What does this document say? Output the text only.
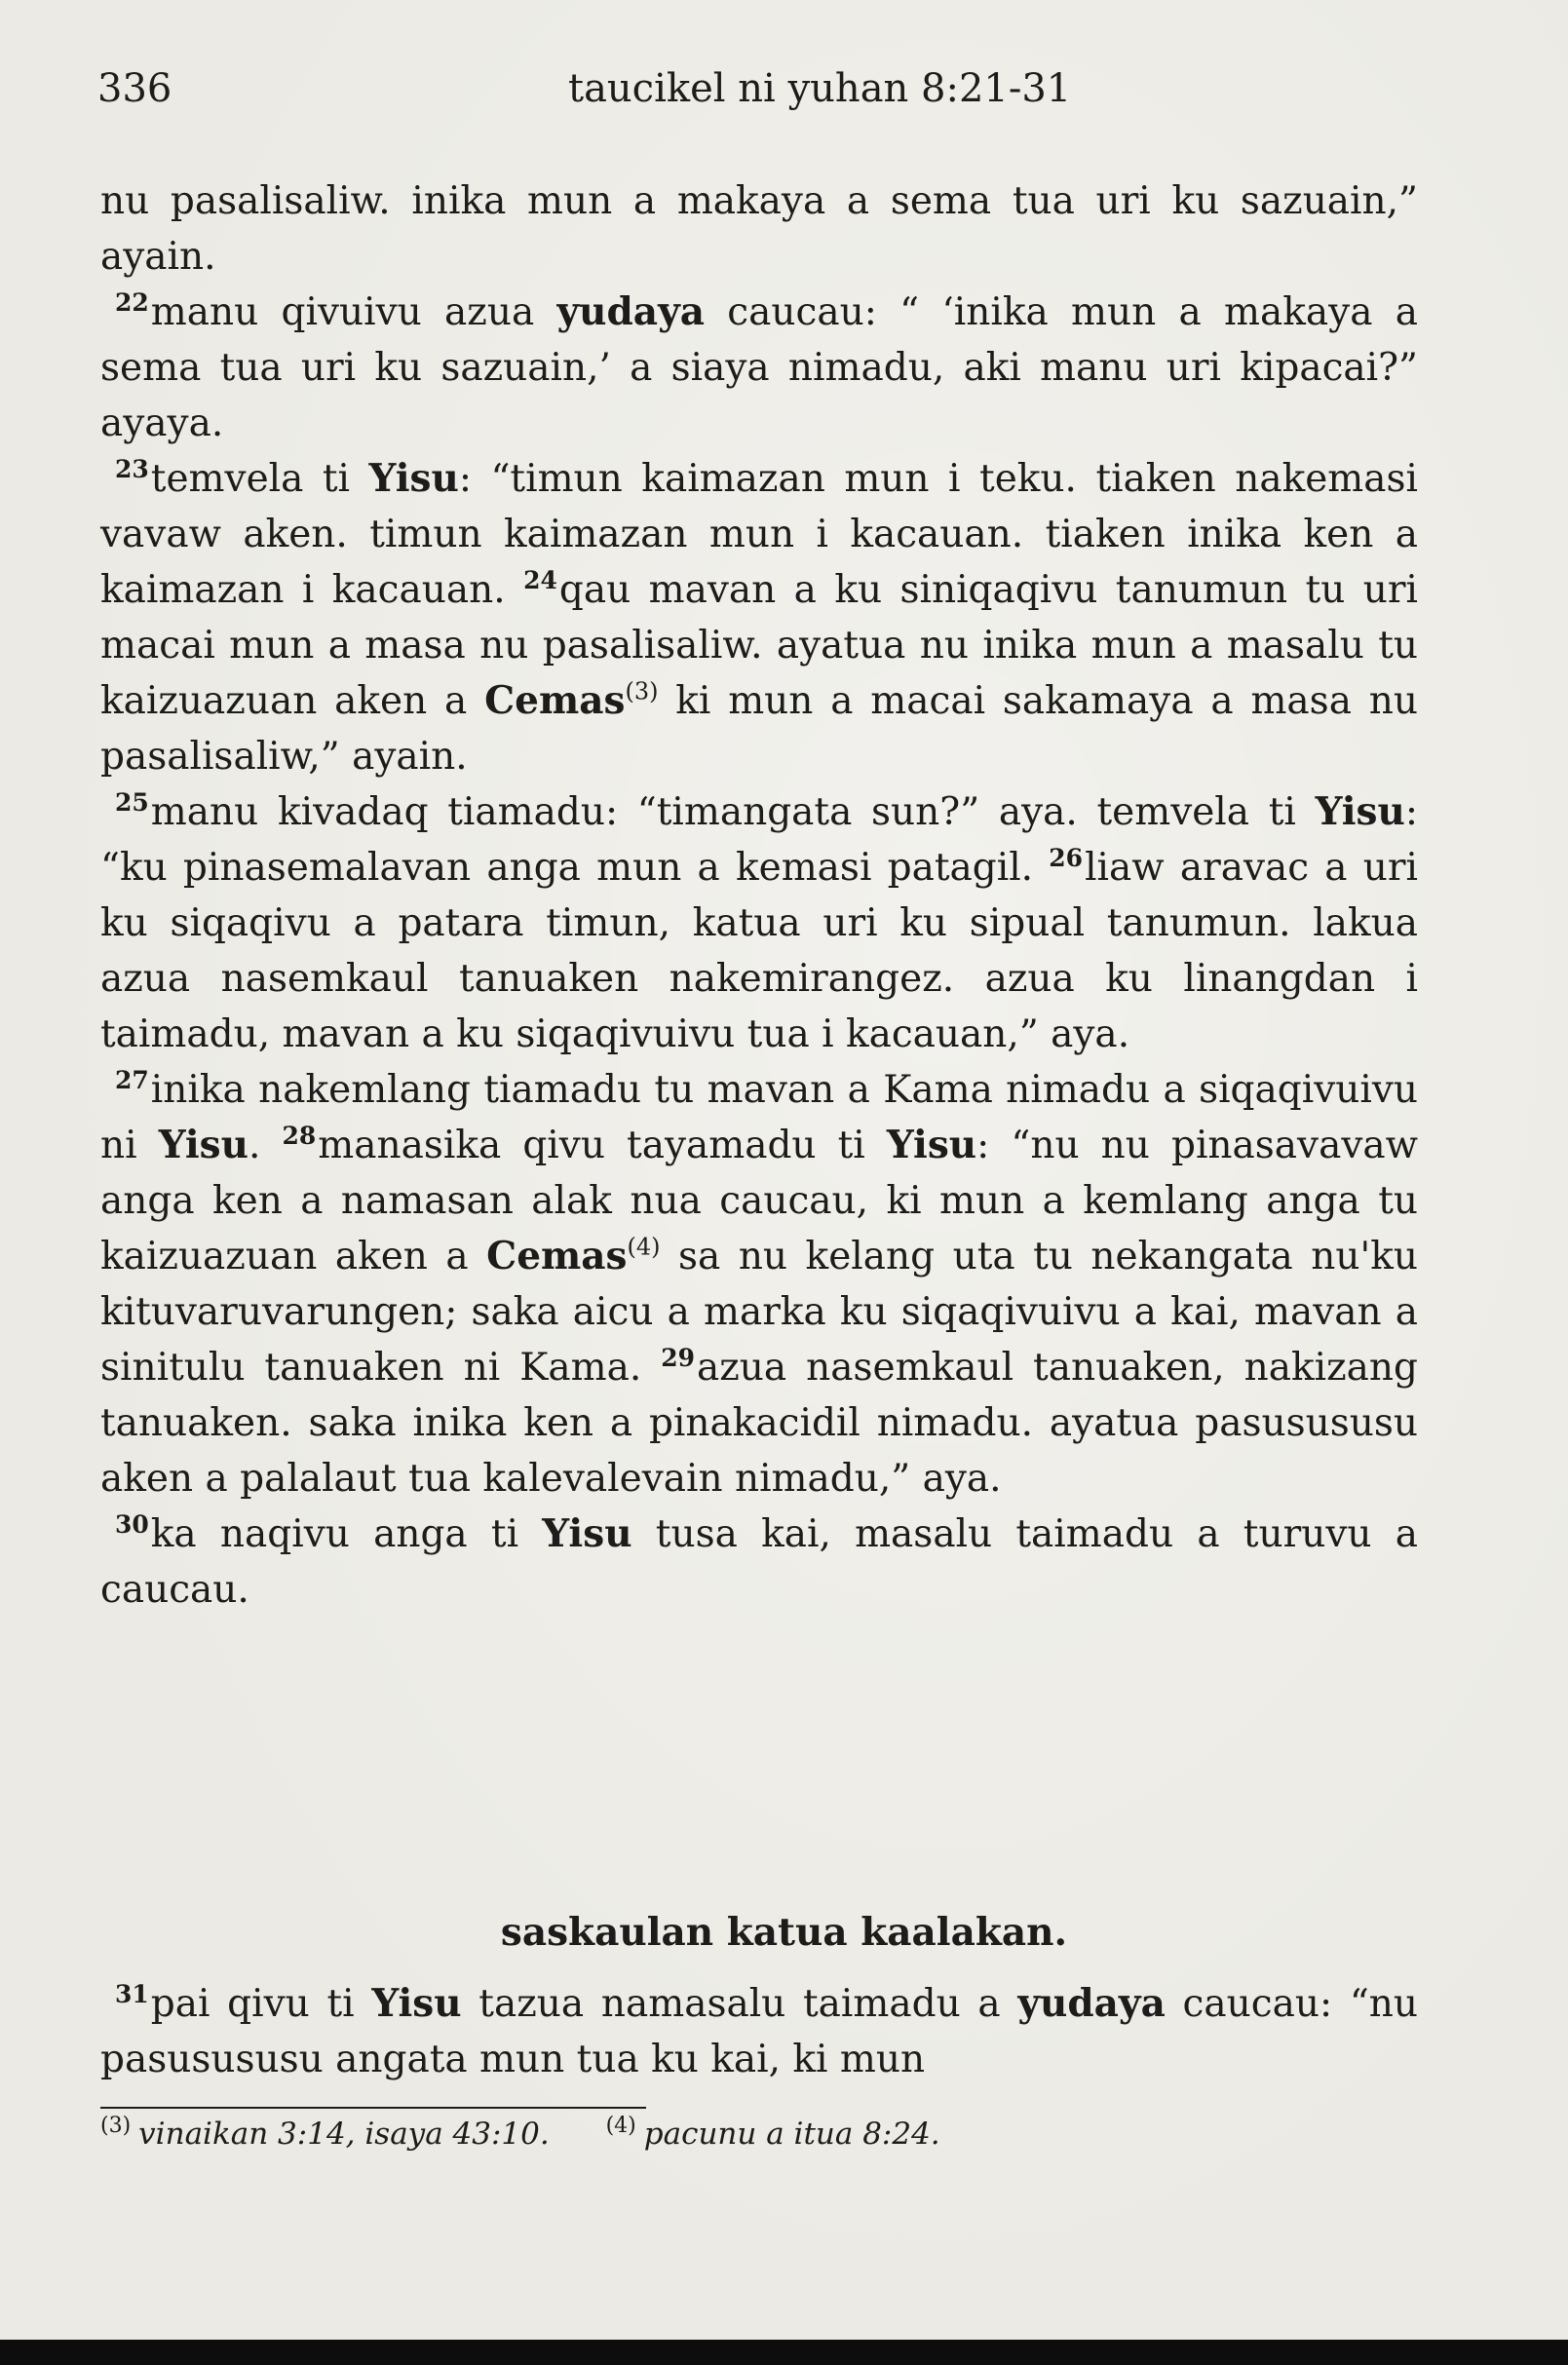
336	taucikel ni yuhan 8:21-31

nu pasalisaliw. inika mun a makaya a sema tua uri ku sazuain,” ayain.

$^{22}$manu qivuivu azua yudaya caucau: “ ‘inika mun a makaya a sema tua uri ku sazuain,’ a siaya nimadu, aki manu uri kipacai?” ayaya.

$^{23}$temvela ti Yisu: “timun kaimazan mun i teku. tiaken nakemasi vavaw aken. timun kaimazan mun i kacauan. tiaken inika ken a kaimazan i kacauan. $^{24}$qau mavan a ku siniqaqivu tanumun tu uri macai mun a masa nu pasalisaliw. ayatua nu inika mun a masalu tu kaizuazuan aken a Cemas$^{(3)}$ ki mun a macai sakamaya a masa nu pasalisaliw,” ayain.

$^{25}$manu kivadaq tiamadu: “timangata sun?” aya. temvela ti Yisu: “ku pinasemalavan anga mun a kemasi patagil. $^{26}$liaw aravac a uri ku siqaqivu a patara timun, katua uri ku sipual tanumun. lakua azua nasemkaul tanuaken nakemirangez. azua ku linangdan i taimadu, mavan a ku siqaqivuivu tua i kacauan,” aya.

$^{27}$inika nakemlang tiamadu tu mavan a Kama nimadu a siqaqivuivu ni Yisu. $^{28}$manasika qivu tayamadu ti Yisu: “nu nu pinasavavaw anga ken a namasan alak nua caucau, ki mun a kemlang anga tu kaizuazuan aken a Cemas$^{(4)}$ sa nu kelang uta tu nekangata nu'ku kituvaruvarungen; saka aicu a marka ku siqaqivuivu a kai, mavan a sinitulu tanuaken ni Kama. $^{29}$azua nasemkaul tanuaken, nakizang tanuaken. saka inika ken a pinakacidil nimadu. ayatua pasusususu aken a palalaut tua kalevalevain nimadu,” aya.

$^{30}$ka naqivu anga ti Yisu tusa kai, masalu taimadu a turuvu a caucau.

saskaulan katua kaalakan.

$^{31}$pai qivu ti Yisu tazua namasalu taimadu a yudaya caucau: “nu pasusususu angata mun tua ku kai, ki mun

$^{(3)}$ vinaikan 3:14, isaya 43:10.	$^{(4)}$ pacunu a itua 8:24.
